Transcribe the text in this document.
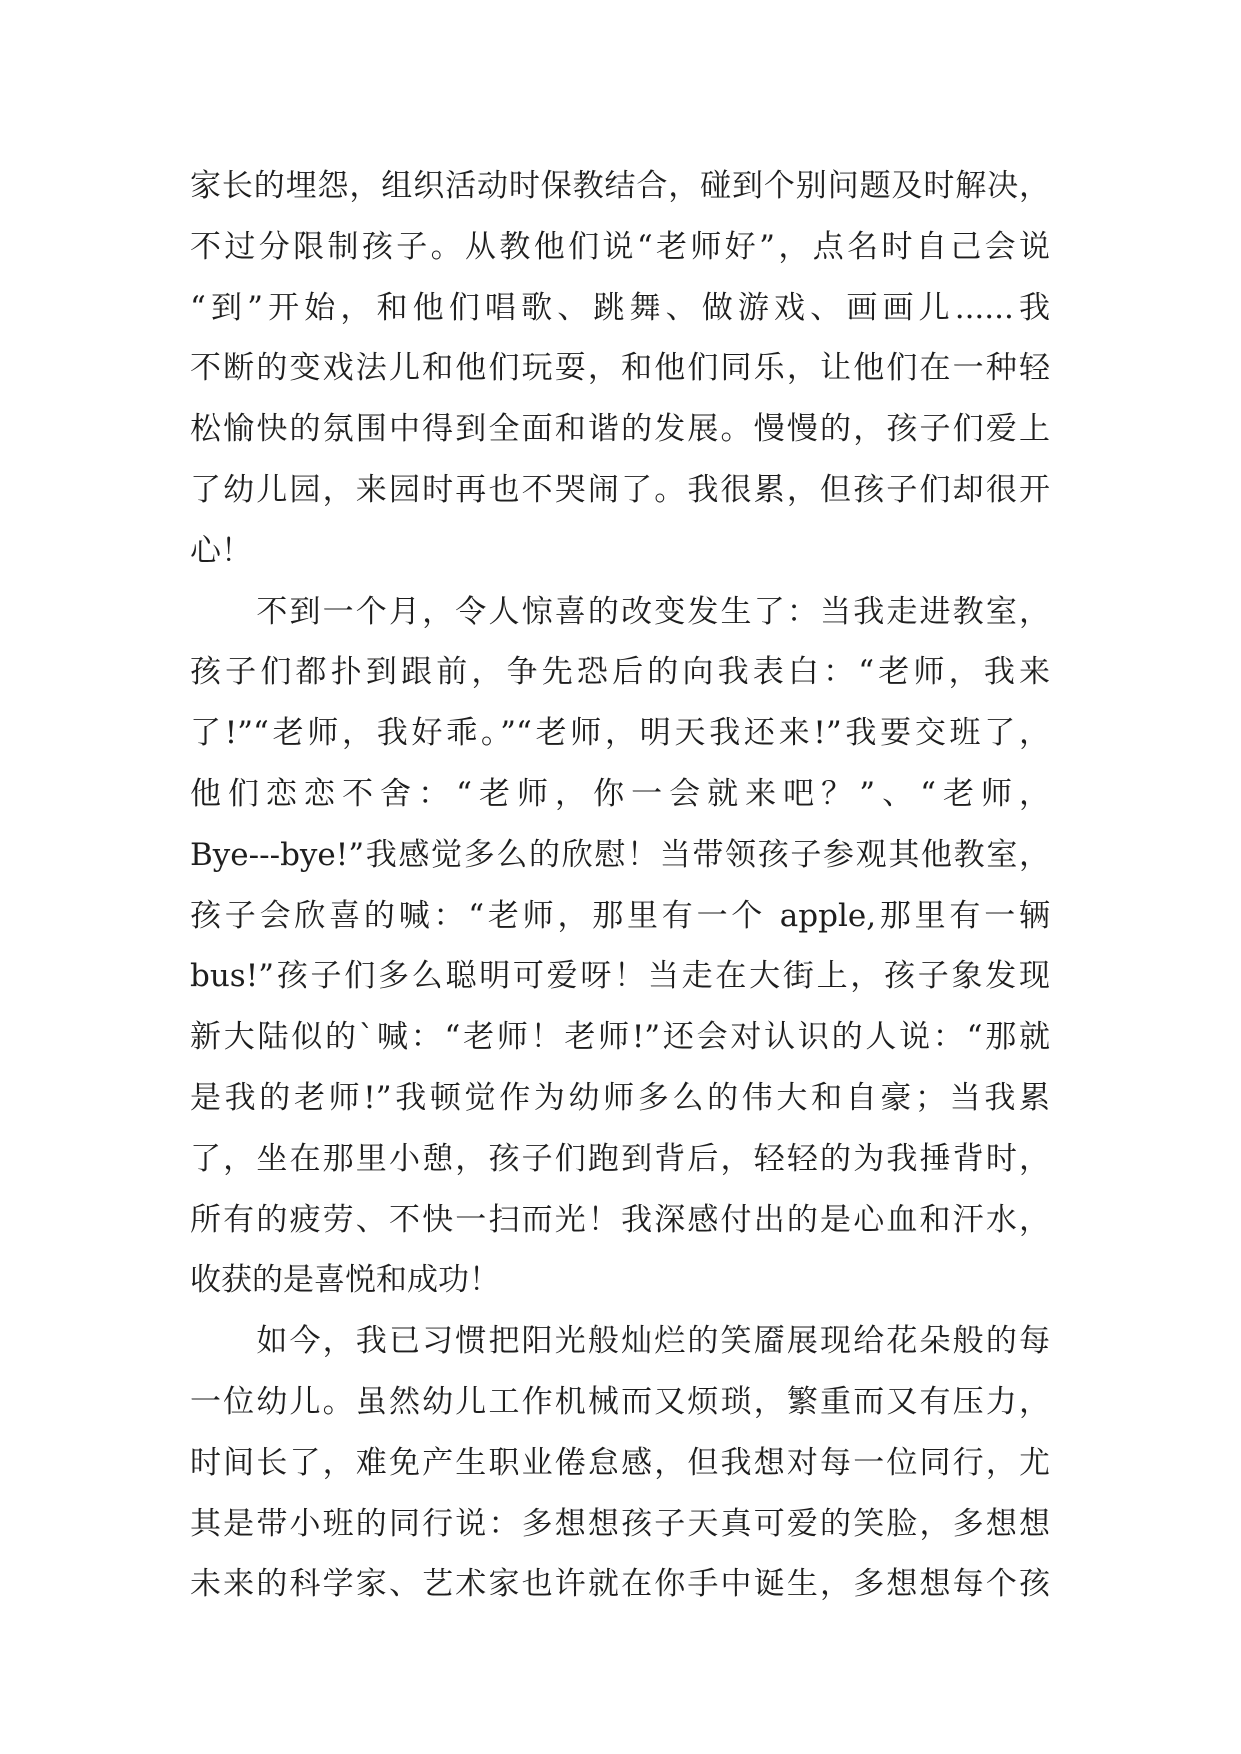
家长的埋怨，组织活动时保教结合，碰到个别问题及时解决，
不过分限制孩子。从教他们说“老师好”，点名时自己会说
“到”开始，和他们唱歌、跳舞、做游戏、画画儿......我
不断的变戏法儿和他们玩耍，和他们同乐，让他们在一种轻
松愉快的氛围中得到全面和谐的发展。慢慢的，孩子们爱上
了幼儿园，来园时再也不哭闹了。我很累，但孩子们却很开
心！
　　不到一个月，令人惊喜的改变发生了：当我走进教室，
孩子们都扑到跟前，争先恐后的向我表白：“老师，我来
了!”“老师，我好乖。”“老师，明天我还来!”我要交班了，
他们恋恋不舍：“老师，你一会就来吧？”、“老师，
Bye---bye!”我感觉多么的欣慰！当带领孩子参观其他教室，
孩子会欣喜的喊：“老师，那里有一个 apple,那里有一辆
bus!”孩子们多么聪明可爱呀！当走在大街上，孩子象发现
新大陆似的`喊：“老师！老师!”还会对认识的人说：“那就
是我的老师!”我顿觉作为幼师多么的伟大和自豪；当我累
了，坐在那里小憩，孩子们跑到背后，轻轻的为我捶背时，
所有的疲劳、不快一扫而光！我深感付出的是心血和汗水，
收获的是喜悦和成功！
　　如今，我已习惯把阳光般灿烂的笑靥展现给花朵般的每
一位幼儿。虽然幼儿工作机械而又烦琐，繁重而又有压力，
时间长了，难免产生职业倦怠感，但我想对每一位同行，尤
其是带小班的同行说：多想想孩子天真可爱的笑脸，多想想
未来的科学家、艺术家也许就在你手中诞生，多想想每个孩
